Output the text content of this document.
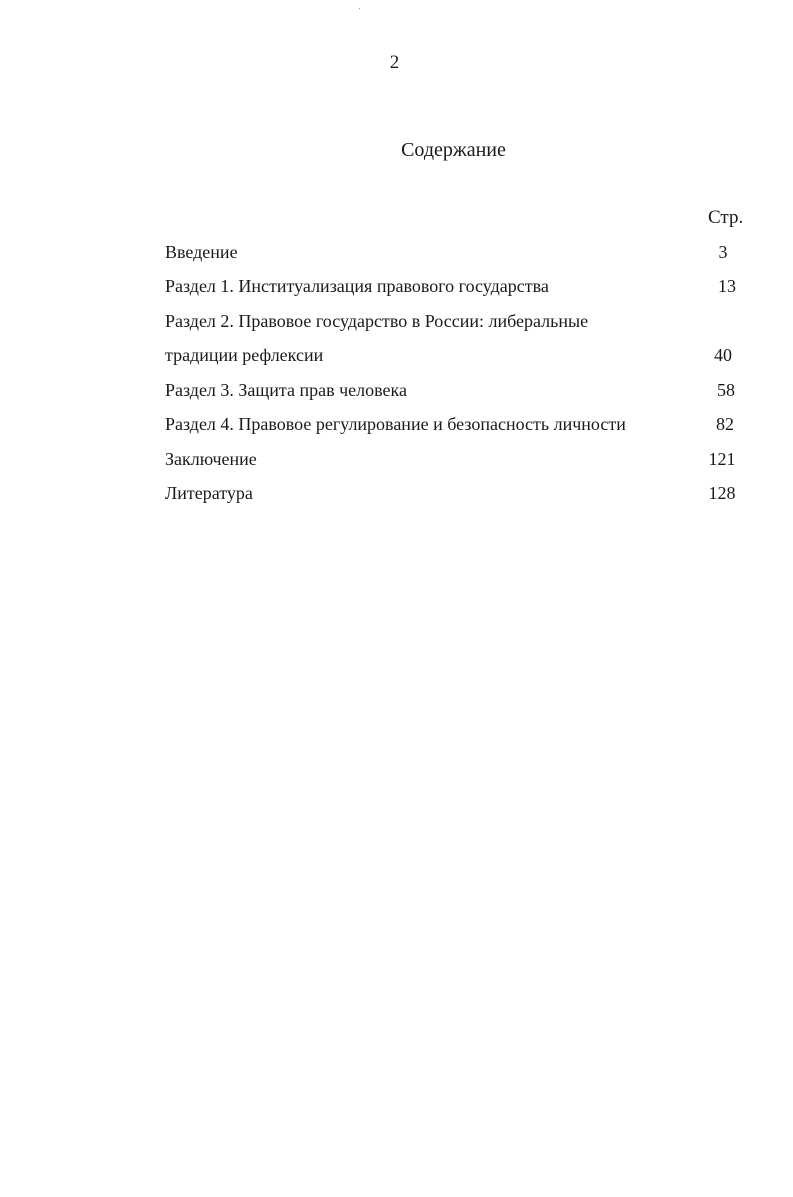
2
Содержание
Стр.
Введение	3
Раздел 1. Институализация правового государства	13
Раздел 2. Правовое государство в России: либеральные
традиции рефлексии	40
Раздел 3. Защита прав человека	58
Раздел 4. Правовое регулирование и безопасность личности	82
Заключение	121
Литература	128
